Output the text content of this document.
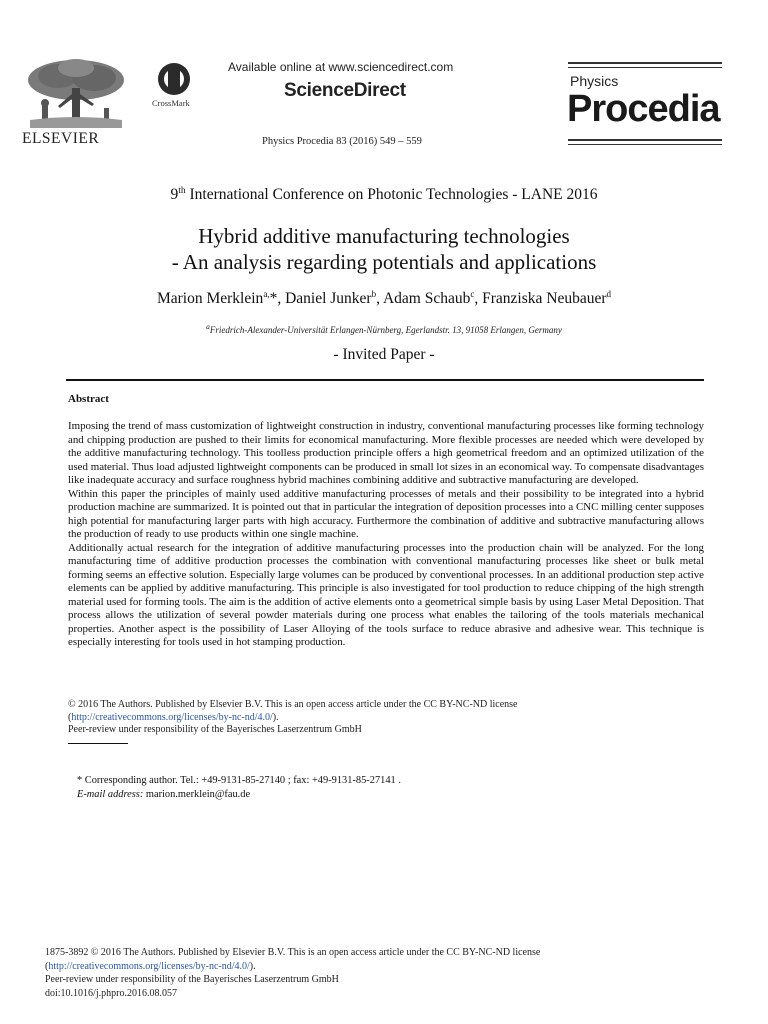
ELSEVIER
CrossMark
Available online at www.sciencedirect.com
ScienceDirect
Physics Procedia 83 (2016) 549 – 559
Physics
Procedia
9th International Conference on Photonic Technologies - LANE 2016
Hybrid additive manufacturing technologies
- An analysis regarding potentials and applications
Marion Merklein$^{a,}$*, Daniel Junker$^b$, Adam Schaub$^c$, Franziska Neubauer$^d$
$^a$Friedrich-Alexander-Universität Erlangen-Nürnberg, Egerlandstr. 13, 91058 Erlangen, Germany
- Invited Paper -
Abstract

Imposing the trend of mass customization of lightweight construction in industry, conventional manufacturing processes like forming technology and chipping production are pushed to their limits for economical manufacturing. More flexible processes are needed which were developed by the additive manufacturing technology. This toolless production principle offers a high geometrical freedom and an optimized utilization of the used material. Thus load adjusted lightweight components can be produced in small lot sizes in an economical way. To compensate disadvantages like inadequate accuracy and surface roughness hybrid machines combining additive and subtractive manufacturing are developed.

Within this paper the principles of mainly used additive manufacturing processes of metals and their possibility to be integrated into a hybrid production machine are summarized. It is pointed out that in particular the integration of deposition processes into a CNC milling center supposes high potential for manufacturing larger parts with high accuracy. Furthermore the combination of additive and subtractive manufacturing allows the production of ready to use products within one single machine.

Additionally actual research for the integration of additive manufacturing processes into the production chain will be analyzed. For the long manufacturing time of additive production processes the combination with conventional manufacturing processes like sheet or bulk metal forming seems an effective solution. Especially large volumes can be produced by conventional processes. In an additional production step active elements can be applied by additive manufacturing. This principle is also investigated for tool production to reduce chipping of the high strength material used for forming tools. The aim is the addition of active elements onto a geometrical simple basis by using Laser Metal Deposition. That process allows the utilization of several powder materials during one process what enables the tailoring of the tools materials mechanical properties. Another aspect is the possibility of Laser Alloying of the tools surface to reduce abrasive and adhesive wear. This technique is especially interesting for tools used in hot stamping production.

© 2016 The Authors. Published by Elsevier B.V. This is an open access article under the CC BY-NC-ND license
(http://creativecommons.org/licenses/by-nc-nd/4.0/).
Peer-review under responsibility of the Bayerisches Laserzentrum GmbH
* Corresponding author. Tel.: +49-9131-85-27140 ; fax: +49-9131-85-27141 .
E-mail address: marion.merklein@fau.de
1875-3892 © 2016 The Authors. Published by Elsevier B.V. This is an open access article under the CC BY-NC-ND license
(http://creativecommons.org/licenses/by-nc-nd/4.0/).
Peer-review under responsibility of the Bayerisches Laserzentrum GmbH
doi:10.1016/j.phpro.2016.08.057
